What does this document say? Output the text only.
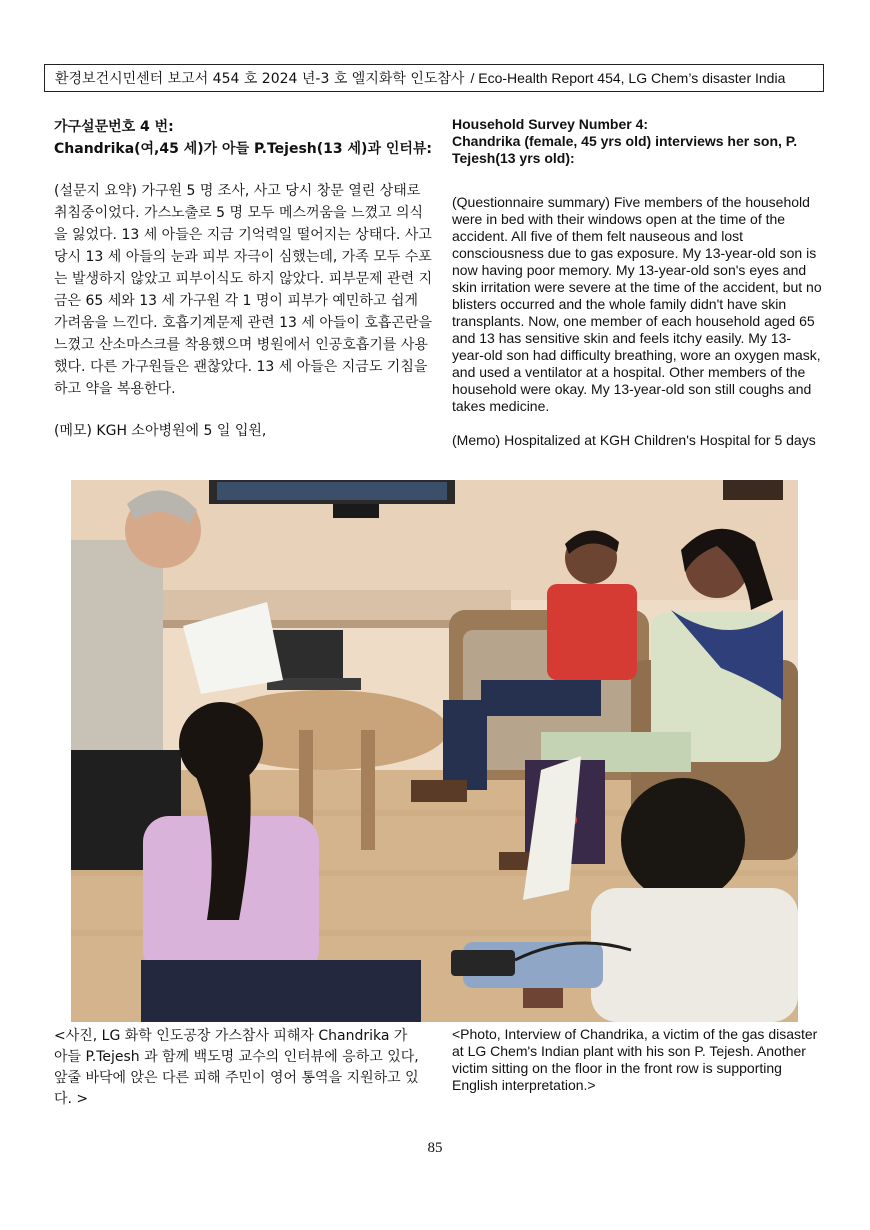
환경보건시민센터 보고서 454 호 2024 년-3 호 엘지화학 인도참사 / Eco-Health Report 454, LG Chem’s disaster India
가구설문번호 4 번:
Chandrika(여,45 세)가 아들 P.Tejesh(13 세)과 인터뷰:
(설문지 요약) 가구원 5 명 조사, 사고 당시 창문 열린 상태로 취침중이었다. 가스노출로 5 명 모두 메스꺼움을 느꼈고 의식을 잃었다. 13 세 아들은 지금 기억력일 떨어지는 상태다. 사고당시 13 세 아들의 눈과 피부 자극이 심했는데, 가족 모두 수포는 발생하지 않았고 피부이식도 하지 않았다. 피부문제 관련 지금은 65 세와 13 세 가구원 각 1 명이 피부가 예민하고 쉽게 가려움을 느낀다. 호흡기계문제 관련 13 세 아들이 호흡곤란을 느꼈고 산소마스크를 착용했으며 병원에서 인공호흡기를 사용했다. 다른 가구원들은 괜찮았다. 13 세 아들은 지금도 기침을 하고 약을 복용한다.
(메모) KGH 소아병원에 5 일 입원,
Household Survey Number 4:
Chandrika (female, 45 yrs old) interviews her son, P. Tejesh(13 yrs old):
(Questionnaire summary) Five members of the household were in bed with their windows open at the time of the accident. All five of them felt nauseous and lost consciousness due to gas exposure. My 13-year-old son is now having poor memory. My 13-year-old son's eyes and skin irritation were severe at the time of the accident, but no blisters occurred and the whole family didn't have skin transplants. Now, one member of each household aged 65 and 13 has sensitive skin and feels itchy easily. My 13-year-old son had difficulty breathing, wore an oxygen mask, and used a ventilator at a hospital. Other members of the household were okay. My 13-year-old son still coughs and takes medicine.
(Memo) Hospitalized at KGH Children's Hospital for 5 days
<사진, LG 화학 인도공장 가스참사 피해자 Chandrika 가 아들 P.Tejesh 과 함께 백도명 교수의 인터뷰에 응하고 있다, 앞줄 바닥에 앉은 다른 피해 주민이 영어 통역을 지원하고 있다. >
<Photo, Interview of Chandrika, a victim of the gas disaster at LG Chem's Indian plant with his son P. Tejesh. Another victim sitting on the floor in the front row is supporting English interpretation.>
85
